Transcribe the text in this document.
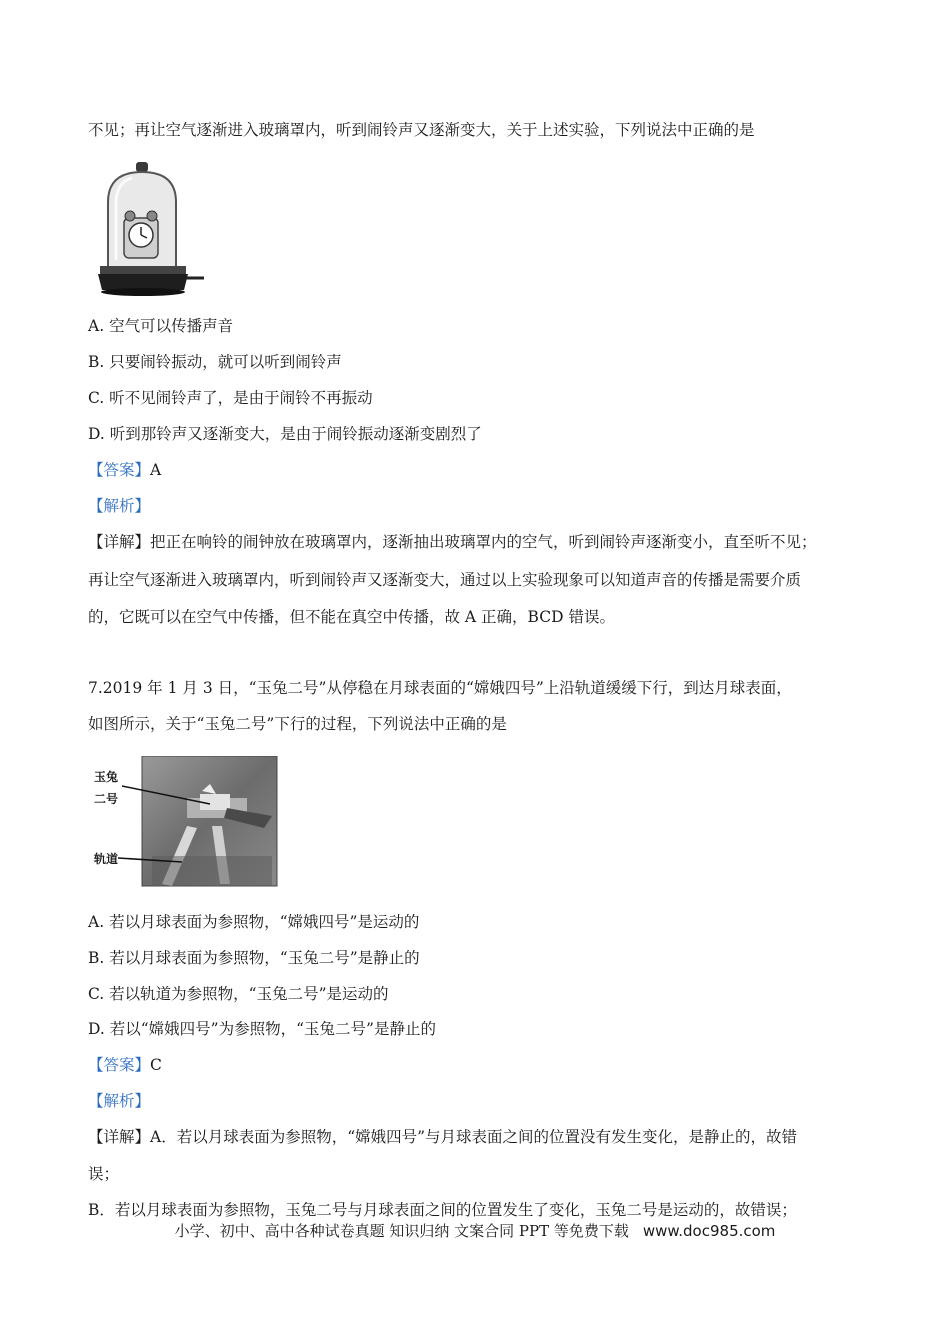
不见；再让空气逐渐进入玻璃罩内，听到闹铃声又逐渐变大，关于上述实验，下列说法中正确的是
A. 空气可以传播声音
B. 只要闹铃振动，就可以听到闹铃声
C. 听不见闹铃声了，是由于闹铃不再振动
D. 听到那铃声又逐渐变大，是由于闹铃振动逐渐变剧烈了
【答案】A
【解析】
【详解】把正在响铃的闹钟放在玻璃罩内，逐渐抽出玻璃罩内的空气，听到闹铃声逐渐变小，直至听不见；
再让空气逐渐进入玻璃罩内，听到闹铃声又逐渐变大，通过以上实验现象可以知道声音的传播是需要介质
的，它既可以在空气中传播，但不能在真空中传播，故 A 正确，BCD 错误。
7.2019 年 1 月 3 日，“玉兔二号”从停稳在月球表面的“嫦娥四号”上沿轨道缓缓下行，到达月球表面，
如图所示，关于“玉兔二号”下行的过程，下列说法中正确的是
玉兔
二号
轨道
A. 若以月球表面为参照物，“嫦娥四号”是运动的
B. 若以月球表面为参照物，“玉兔二号”是静止的
C. 若以轨道为参照物，“玉兔二号”是运动的
D. 若以“嫦娥四号”为参照物，“玉兔二号”是静止的
【答案】C
【解析】
【详解】A．若以月球表面为参照物，“嫦娥四号”与月球表面之间的位置没有发生变化，是静止的，故错
误；
B．若以月球表面为参照物，玉兔二号与月球表面之间的位置发生了变化，玉兔二号是运动的，故错误；
小学、初中、高中各种试卷真题 知识归纳 文案合同 PPT 等免费下载 www.doc985.com
